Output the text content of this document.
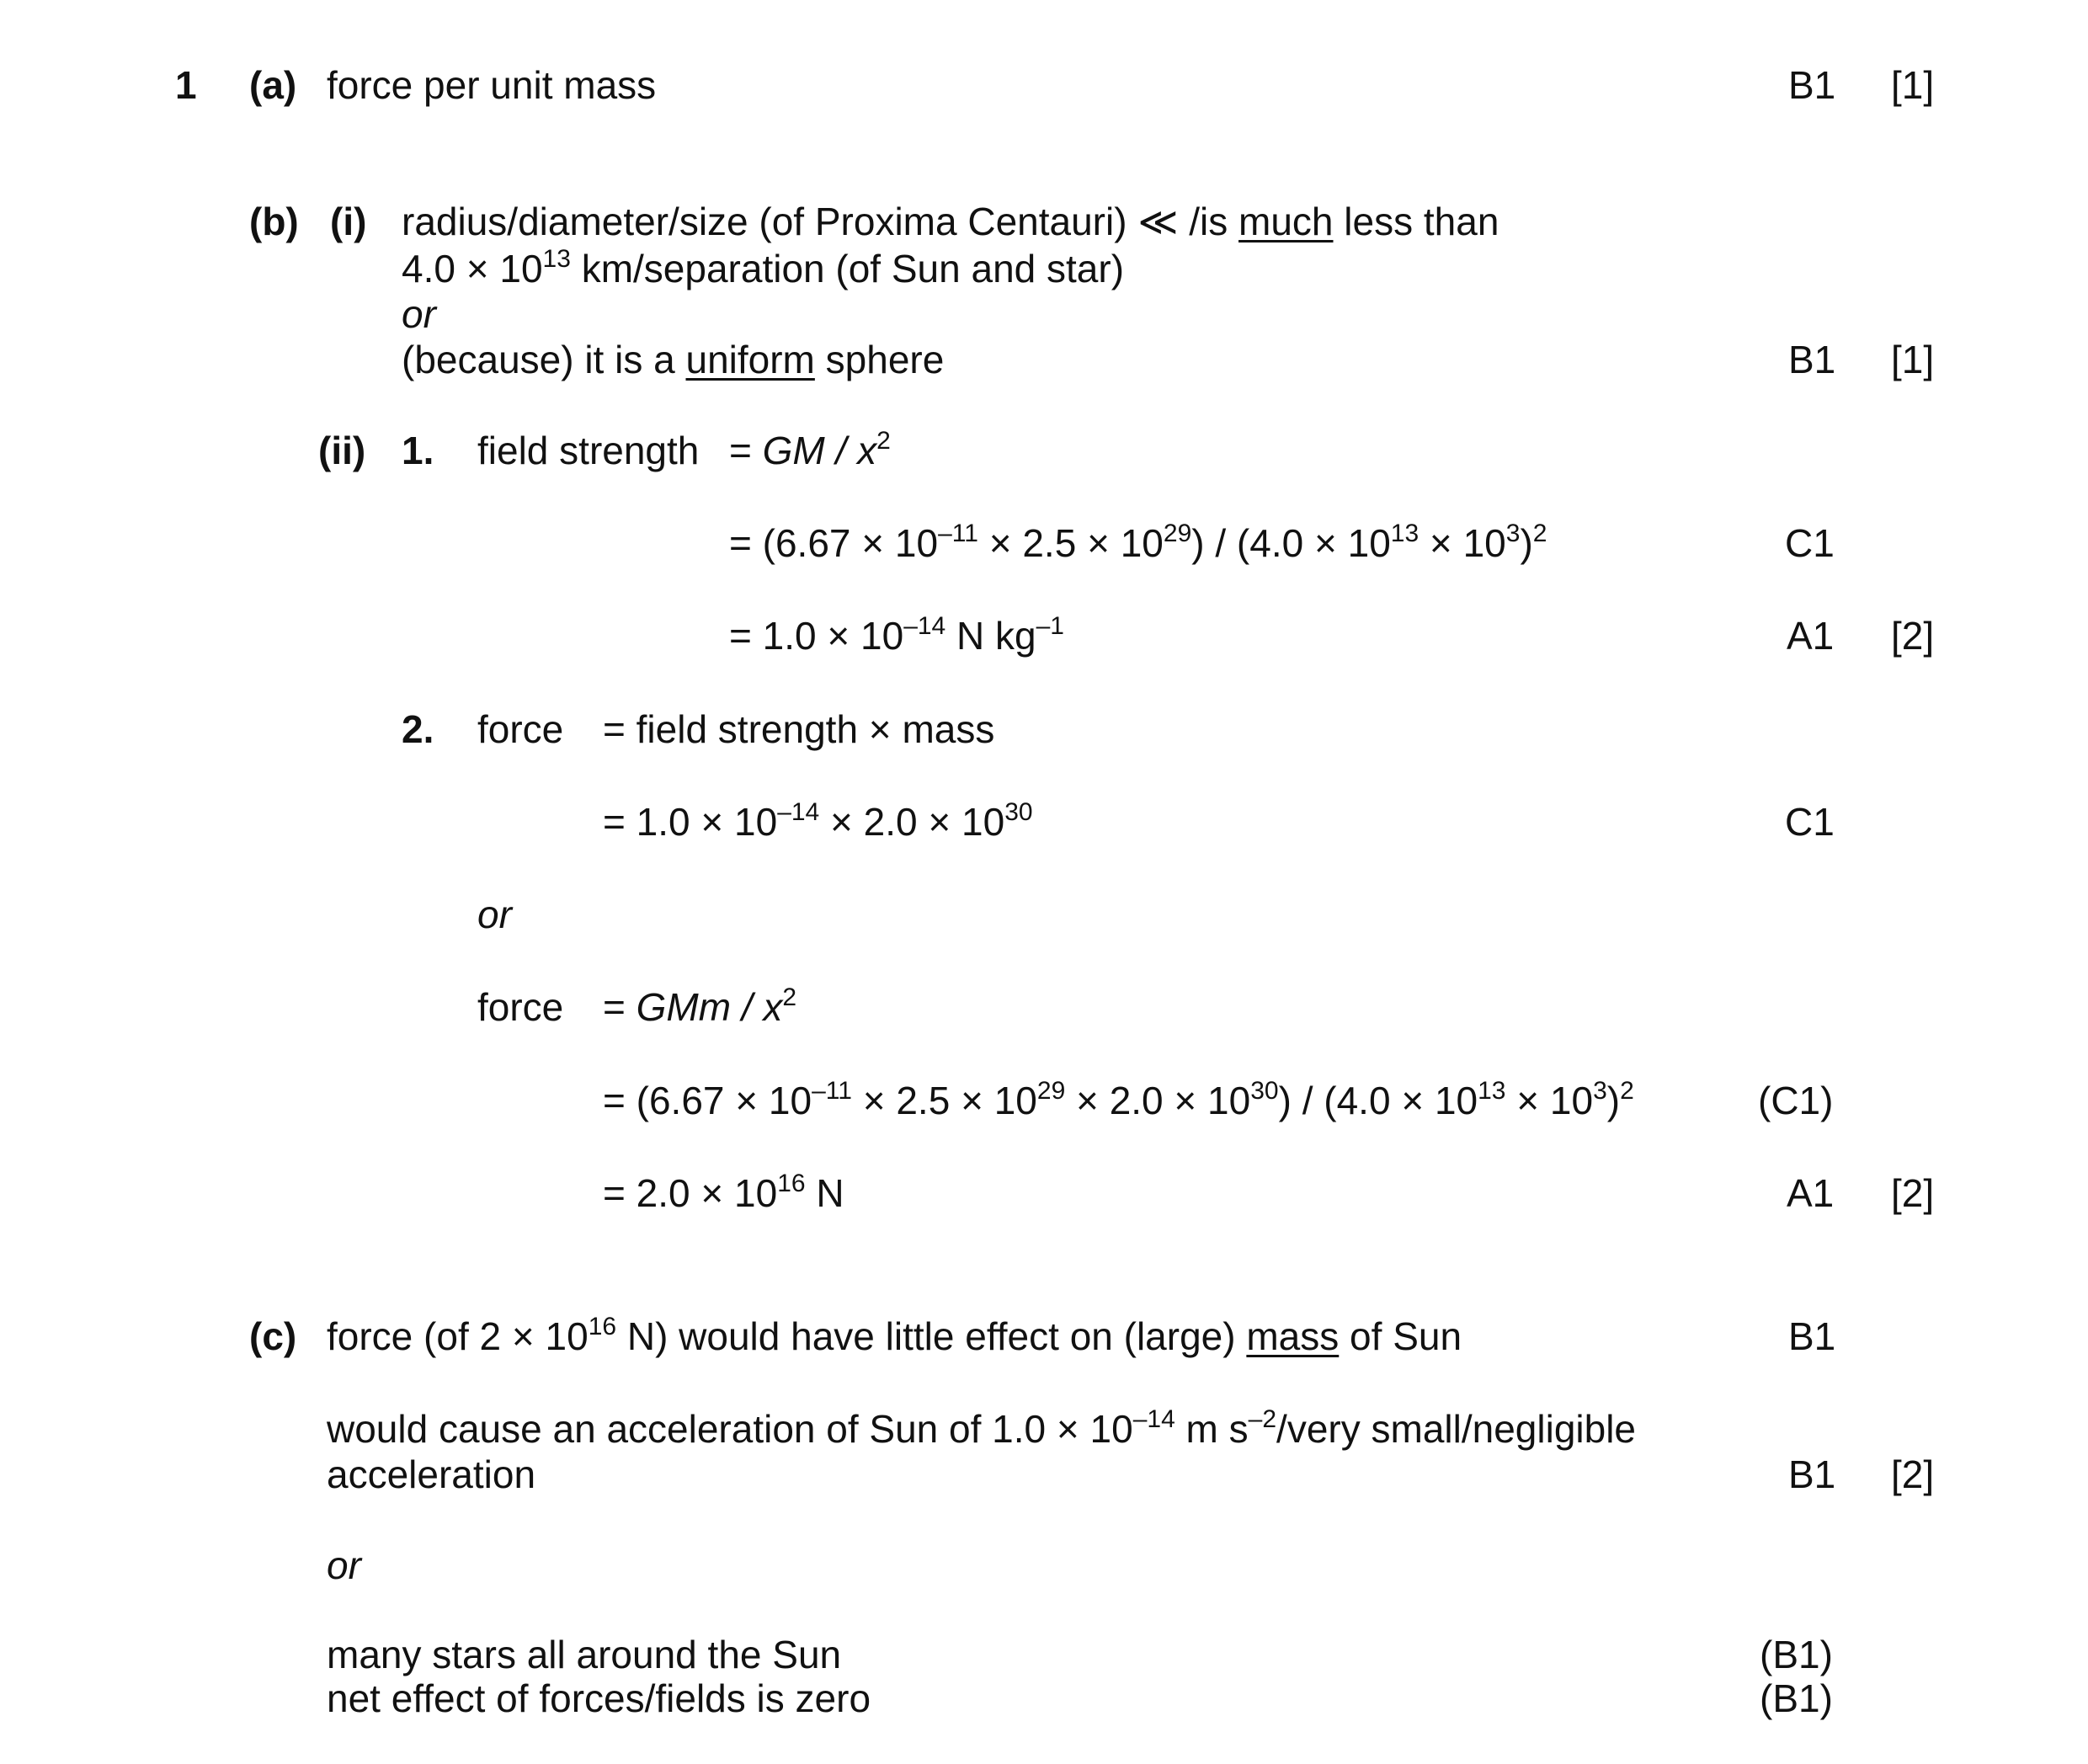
1 (a) force per unit mass	B1 [1]
(b) (i) radius/diameter/size (of Proxima Centauri) ≪ /is much less than
$4.0 \times 10^{13}$ km/separation (of Sun and star)
or
(because) it is a uniform sphere	B1 [1]
(ii) 1. field strength = GM / $x^2$
= $(6.67 \times 10^{-11} \times 2.5 \times 10^{29}) / (4.0 \times 10^{13} \times 10^3)^2$	C1
= $1.0 \times 10^{-14}$ N $kg^{-1}$	A1 [2]
2. force = field strength × mass
= $1.0 \times 10^{-14} \times 2.0 \times 10^{30}$	C1
or
force = GMm / $x^2$
= $(6.67 \times 10^{-11} \times 2.5 \times 10^{29} \times 2.0 \times 10^{30}) / (4.0 \times 10^{13} \times 10^3)^2$	(C1)
= $2.0 \times 10^{16}$ N	A1 [2]
(c) force (of $2 \times 10^{16}$ N) would have little effect on (large) mass of Sun	B1
would cause an acceleration of Sun of $1.0 \times 10^{-14}$ m $s^{-2}$/very small/negligible
acceleration	B1 [2]
or
many stars all around the Sun	(B1)
net effect of forces/fields is zero	(B1)
